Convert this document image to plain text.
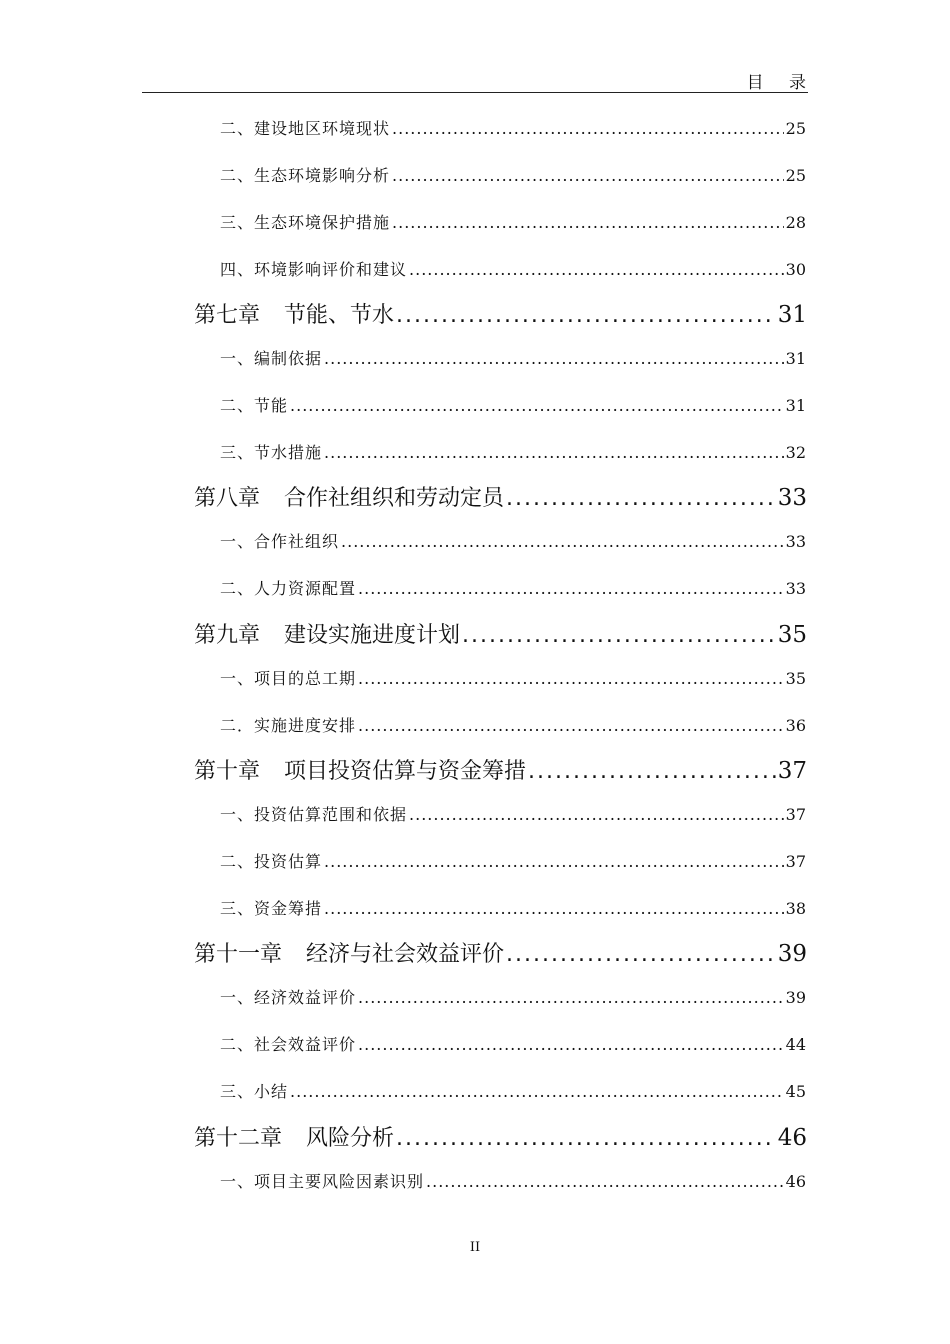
目 录
二、建设地区环境现状 .....	25
二、生态环境影响分析 .....	25
三、生态环境保护措施 .....	28
四、环境影响评价和建议 .....	30
第七章 节能、节水 .....	31
一、编制依据 .....	31
二、节能 .....	31
三、节水措施 .....	32
第八章 合作社组织和劳动定员 .....	33
一、合作社组织 .....	33
二、人力资源配置 .....	33
第九章 建设实施进度计划 .....	35
一、项目的总工期 .....	35
二．实施进度安排 .....	36
第十章 项目投资估算与资金筹措 .....	37
一、投资估算范围和依据 .....	37
二、投资估算 .....	37
三、资金筹措 .....	38
第十一章 经济与社会效益评价 .....	39
一、经济效益评价 .....	39
二、社会效益评价 .....	44
三、小结 .....	45
第十二章 风险分析 .....	46
一、项目主要风险因素识别 .....	46
II
